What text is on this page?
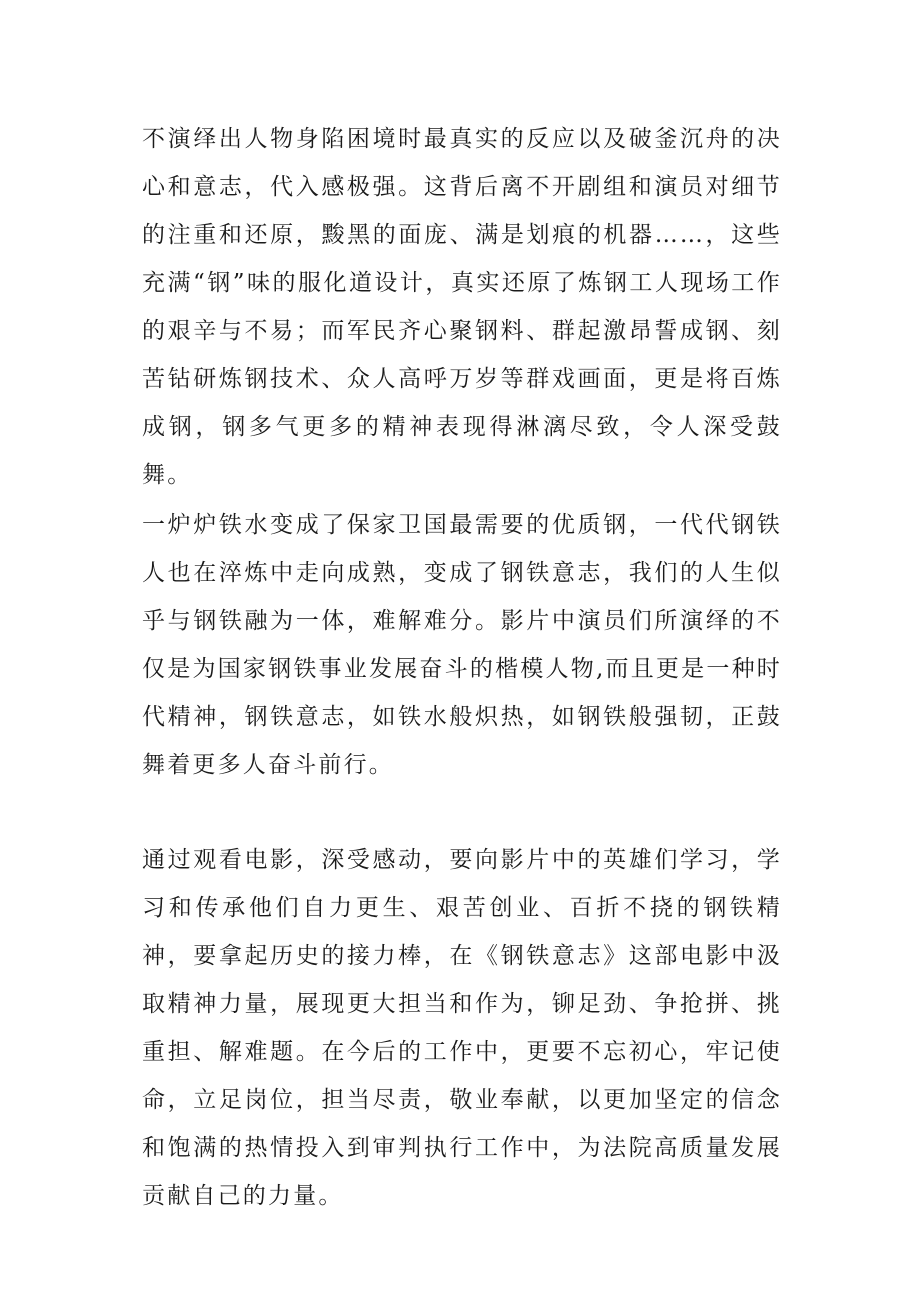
不演绎出人物身陷困境时最真实的反应以及破釜沉舟的决心和意志，代入感极强。这背后离不开剧组和演员对细节的注重和还原，黢黑的面庞、满是划痕的机器……，这些充满“钢”味的服化道设计，真实还原了炼钢工人现场工作的艰辛与不易；而军民齐心聚钢料、群起激昂誓成钢、刻苦钻研炼钢技术、众人高呼万岁等群戏画面，更是将百炼成钢，钢多气更多的精神表现得淋漓尽致，令人深受鼓舞。

一炉炉铁水变成了保家卫国最需要的优质钢，一代代钢铁人也在淬炼中走向成熟，变成了钢铁意志，我们的人生似乎与钢铁融为一体，难解难分。影片中演员们所演绎的不仅是为国家钢铁事业发展奋斗的楷模人物,而且更是一种时代精神，钢铁意志，如铁水般炽热，如钢铁般强韧，正鼓舞着更多人奋斗前行。

通过观看电影，深受感动，要向影片中的英雄们学习，学习和传承他们自力更生、艰苦创业、百折不挠的钢铁精神，要拿起历史的接力棒，在《钢铁意志》这部电影中汲取精神力量，展现更大担当和作为，铆足劲、争抢拼、挑重担、解难题。在今后的工作中，更要不忘初心，牢记使命，立足岗位，担当尽责，敬业奉献，以更加坚定的信念和饱满的热情投入到审判执行工作中，为法院高质量发展贡献自己的力量。
